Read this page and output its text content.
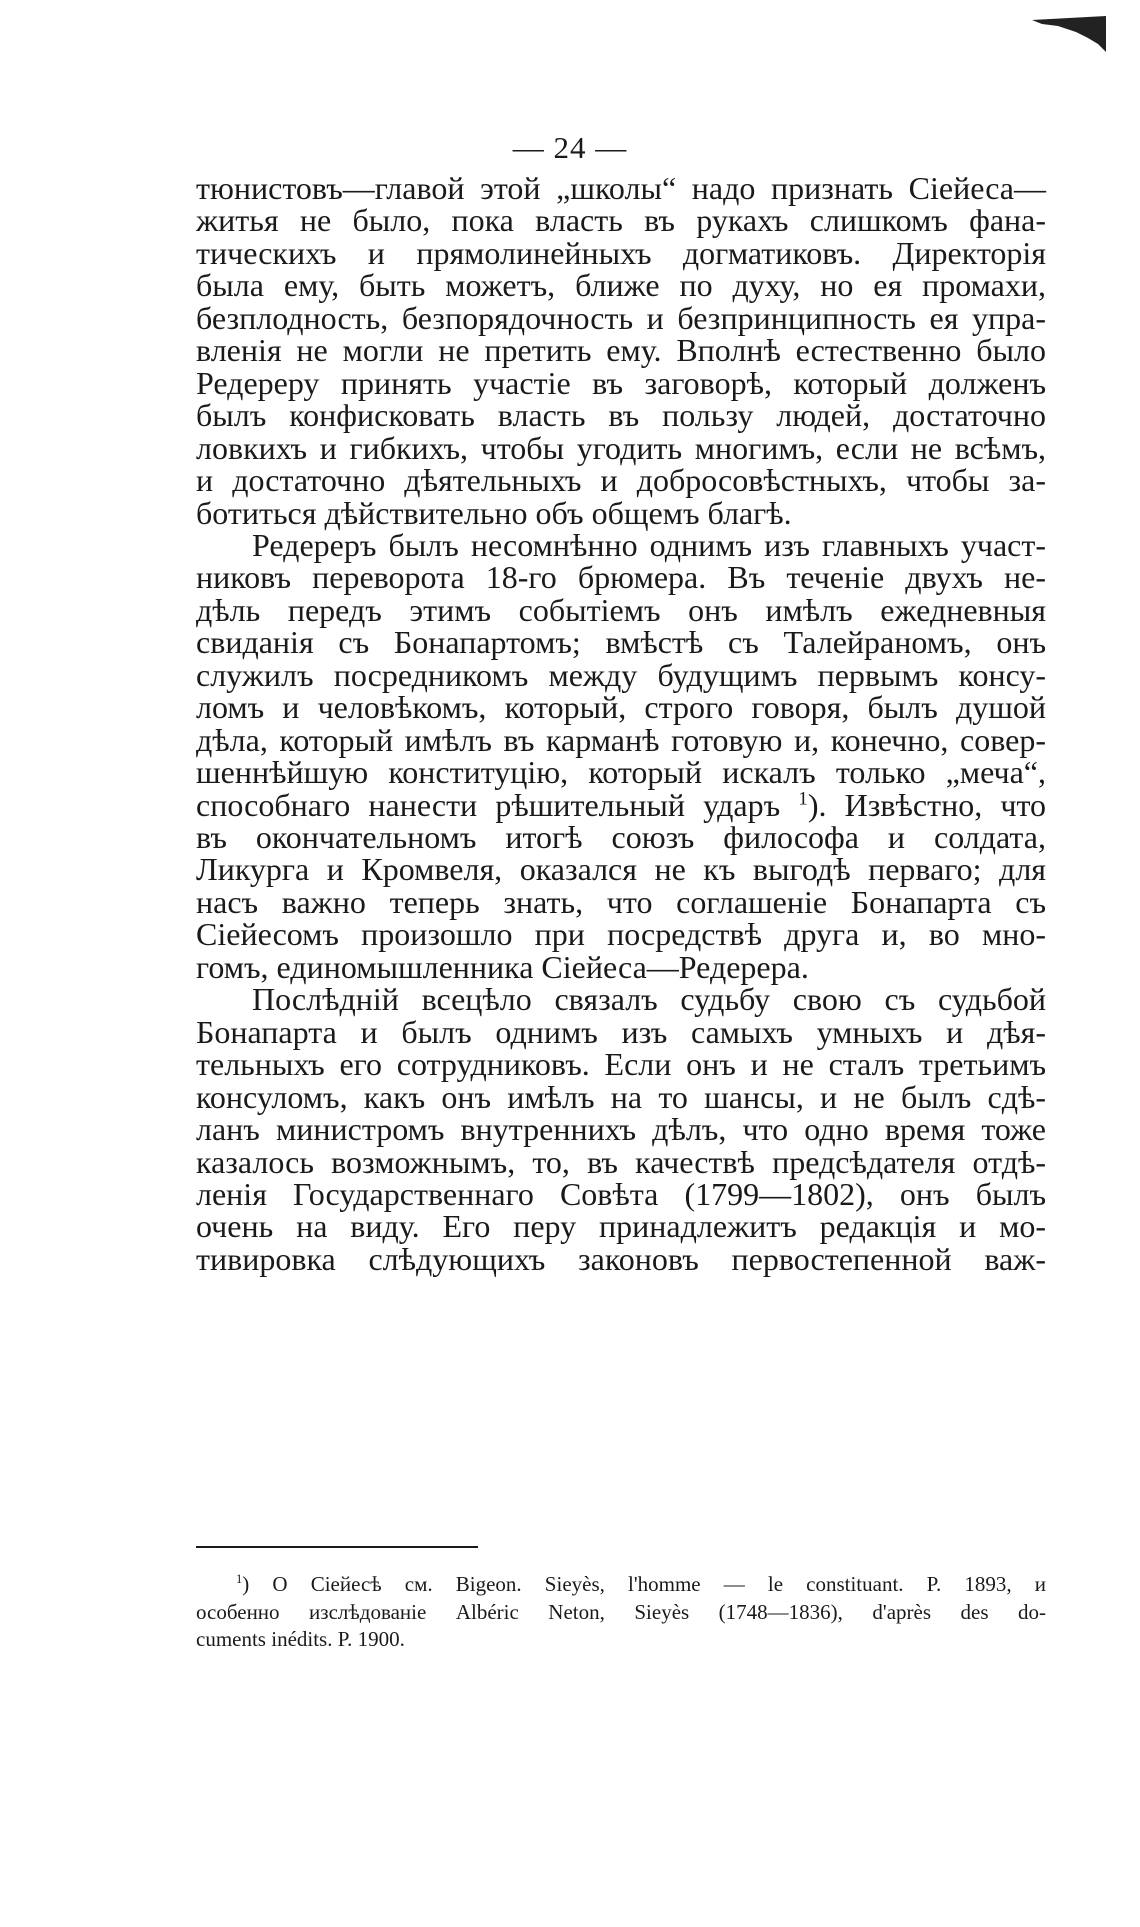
— 24 —
тюнистовъ—главой этой „школы“ надо признать Сіейеса—
житья не было, пока власть въ рукахъ слишкомъ фана-
тическихъ и прямолинейныхъ догматиковъ. Директорія
была ему, быть можетъ, ближе по духу, но ея промахи,
безплодность, безпорядочность и безпринципность ея упра-
вленія не могли не претить ему. Вполнѣ естественно было
Редереру принять участіе въ заговорѣ, который долженъ
былъ конфисковать власть въ пользу людей, достаточно
ловкихъ и гибкихъ, чтобы угодить многимъ, если не всѣмъ,
и достаточно дѣятельныхъ и добросовѣстныхъ, чтобы за-
ботиться дѣйствительно объ общемъ благѣ.
Редереръ былъ несомнѣнно однимъ изъ главныхъ участ-
никовъ переворота 18-го брюмера. Въ теченіе двухъ не-
дѣль передъ этимъ событіемъ онъ имѣлъ ежедневныя
свиданія съ Бонапартомъ; вмѣстѣ съ Талейраномъ, онъ
служилъ посредникомъ между будущимъ первымъ консу-
ломъ и человѣкомъ, который, строго говоря, былъ душой
дѣла, который имѣлъ въ карманѣ готовую и, конечно, совер-
шеннѣйшую конституцію, который искалъ только „меча“,
способнаго нанести рѣшительный ударъ $^1$). Извѣстно, что
въ окончательномъ итогѣ союзъ философа и солдата,
Ликурга и Кромвеля, оказался не къ выгодѣ перваго; для
насъ важно теперь знать, что соглашеніе Бонапарта съ
Сіейесомъ произошло при посредствѣ друга и, во мно-
гомъ, единомышленника Сіейеса—Редерера.
Послѣдній всецѣло связалъ судьбу свою съ судьбой
Бонапарта и былъ однимъ изъ самыхъ умныхъ и дѣя-
тельныхъ его сотрудниковъ. Если онъ и не сталъ третьимъ
консуломъ, какъ онъ имѣлъ на то шансы, и не былъ сдѣ-
ланъ министромъ внутреннихъ дѣлъ, что одно время тоже
казалось возможнымъ, то, въ качествѣ предсѣдателя отдѣ-
ленія Государственнаго Совѣта (1799—1802), онъ былъ
очень на виду. Его перу принадлежитъ редакція и мо-
тивировка слѣдующихъ законовъ первостепенной важ-
$^1$) О Сіейесѣ см. Bigeon. Sieyès, l'homme — le constituant. P. 1893, и
особенно изслѣдованіе Albéric Neton, Sieyès (1748—1836), d'après des do-
cuments inédits. P. 1900.
